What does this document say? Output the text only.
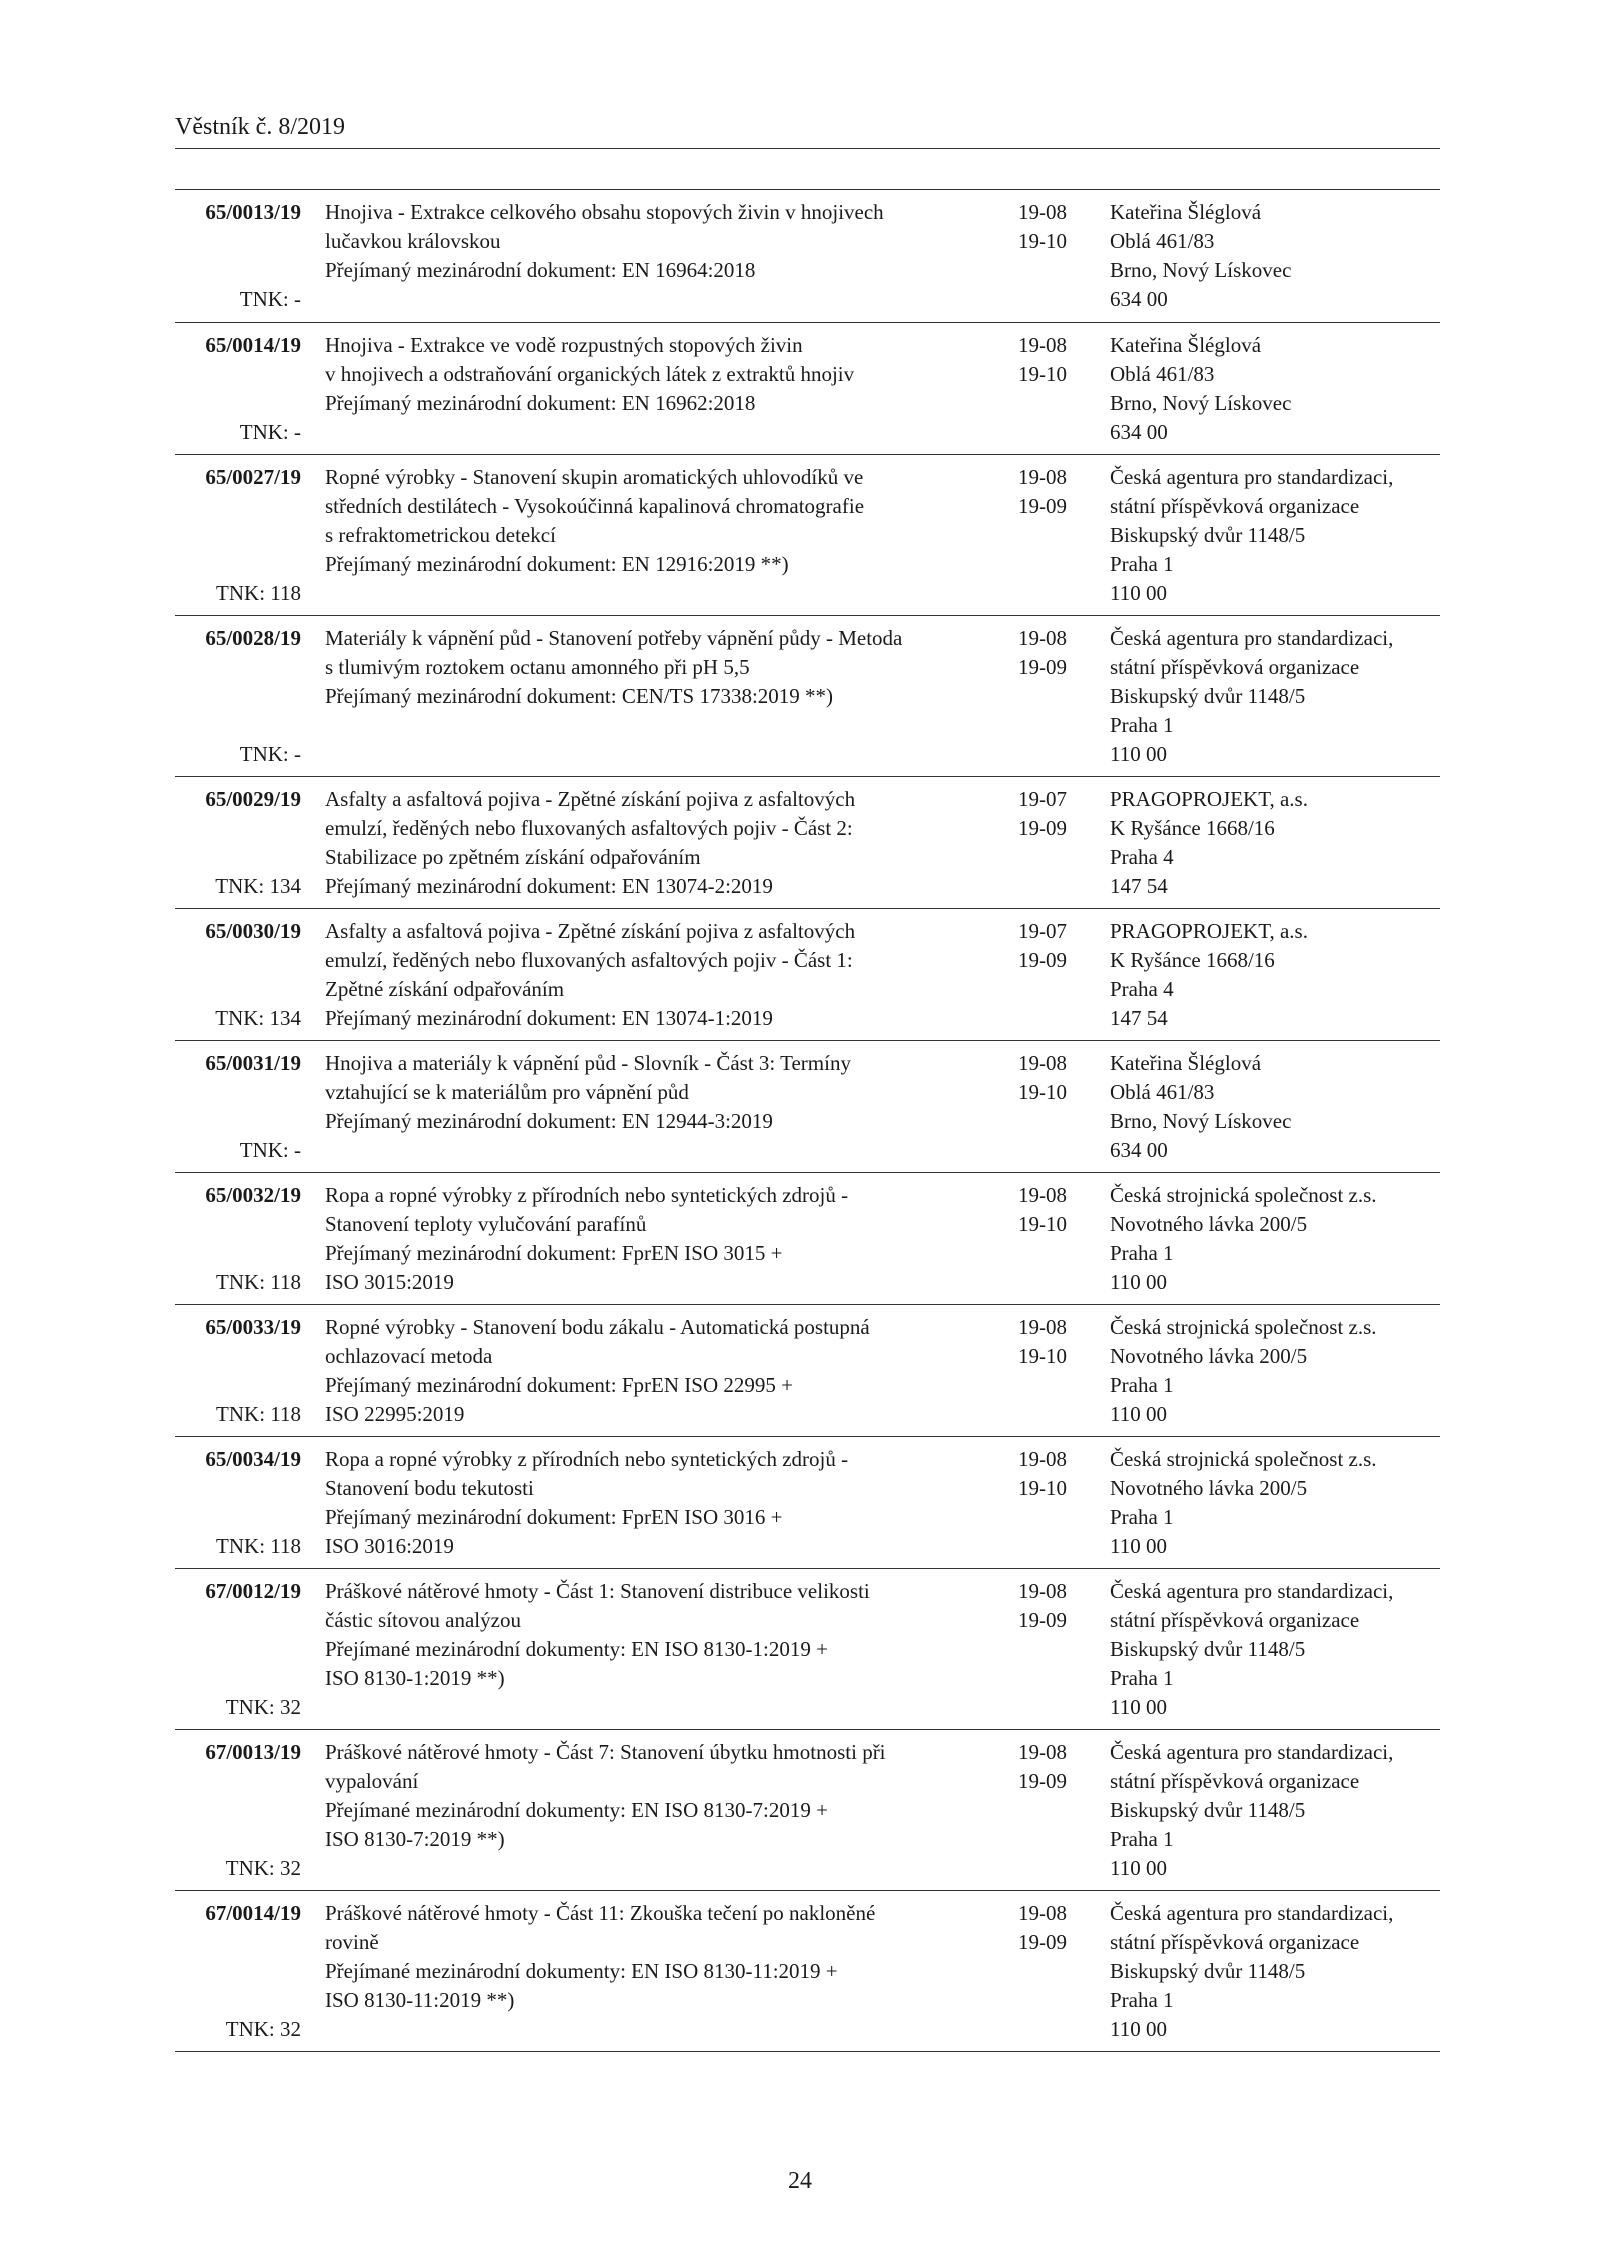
Věstník č. 8/2019
65/0013/19
TNK: -
Hnojiva - Extrakce celkového obsahu stopových živin v hnojivech
lučavkou královskou
Přejímaný mezinárodní dokument: EN 16964:2018
19-08
19-10
Kateřina Šléglová
Oblá 461/83
Brno, Nový Lískovec
634 00
65/0014/19
TNK: -
Hnojiva - Extrakce ve vodě rozpustných stopových živin
v hnojivech a odstraňování organických látek z extraktů hnojiv
Přejímaný mezinárodní dokument: EN 16962:2018
19-08
19-10
Kateřina Šléglová
Oblá 461/83
Brno, Nový Lískovec
634 00
65/0027/19
TNK: 118
Ropné výrobky - Stanovení skupin aromatických uhlovodíků ve
středních destilátech - Vysokoúčinná kapalinová chromatografie
s refraktometrickou detekcí
Přejímaný mezinárodní dokument: EN 12916:2019 **)
19-08
19-09
Česká agentura pro standardizaci,
státní příspěvková organizace
Biskupský dvůr 1148/5
Praha 1
110 00
65/0028/19
TNK: -
Materiály k vápnění půd - Stanovení potřeby vápnění půdy - Metoda
s tlumivým roztokem octanu amonného při pH 5,5
Přejímaný mezinárodní dokument: CEN/TS 17338:2019 **)
19-08
19-09
Česká agentura pro standardizaci,
státní příspěvková organizace
Biskupský dvůr 1148/5
Praha 1
110 00
65/0029/19
TNK: 134
Asfalty a asfaltová pojiva - Zpětné získání pojiva z asfaltových
emulzí, ředěných nebo fluxovaných asfaltových pojiv - Část 2:
Stabilizace po zpětném získání odpařováním
Přejímaný mezinárodní dokument: EN 13074-2:2019
19-07
19-09
PRAGOPROJEKT, a.s.
K Ryšánce 1668/16
Praha 4
147 54
65/0030/19
TNK: 134
Asfalty a asfaltová pojiva - Zpětné získání pojiva z asfaltových
emulzí, ředěných nebo fluxovaných asfaltových pojiv - Část 1:
Zpětné získání odpařováním
Přejímaný mezinárodní dokument: EN 13074-1:2019
19-07
19-09
PRAGOPROJEKT, a.s.
K Ryšánce 1668/16
Praha 4
147 54
65/0031/19
TNK: -
Hnojiva a materiály k vápnění půd - Slovník - Část 3: Termíny
vztahující se k materiálům pro vápnění půd
Přejímaný mezinárodní dokument: EN 12944-3:2019
19-08
19-10
Kateřina Šléglová
Oblá 461/83
Brno, Nový Lískovec
634 00
65/0032/19
TNK: 118
Ropa a ropné výrobky z přírodních nebo syntetických zdrojů -
Stanovení teploty vylučování parafínů
Přejímaný mezinárodní dokument: FprEN ISO 3015 +
ISO 3015:2019
19-08
19-10
Česká strojnická společnost z.s.
Novotného lávka 200/5
Praha 1
110 00
65/0033/19
TNK: 118
Ropné výrobky - Stanovení bodu zákalu - Automatická postupná
ochlazovací metoda
Přejímaný mezinárodní dokument: FprEN ISO 22995 +
ISO 22995:2019
19-08
19-10
Česká strojnická společnost z.s.
Novotného lávka 200/5
Praha 1
110 00
65/0034/19
TNK: 118
Ropa a ropné výrobky z přírodních nebo syntetických zdrojů -
Stanovení bodu tekutosti
Přejímaný mezinárodní dokument: FprEN ISO 3016 +
ISO 3016:2019
19-08
19-10
Česká strojnická společnost z.s.
Novotného lávka 200/5
Praha 1
110 00
67/0012/19
TNK: 32
Práškové nátěrové hmoty - Část 1: Stanovení distribuce velikosti
částic sítovou analýzou
Přejímané mezinárodní dokumenty: EN ISO 8130-1:2019 +
ISO 8130-1:2019 **)
19-08
19-09
Česká agentura pro standardizaci,
státní příspěvková organizace
Biskupský dvůr 1148/5
Praha 1
110 00
67/0013/19
TNK: 32
Práškové nátěrové hmoty - Část 7: Stanovení úbytku hmotnosti při
vypalování
Přejímané mezinárodní dokumenty: EN ISO 8130-7:2019 +
ISO 8130-7:2019 **)
19-08
19-09
Česká agentura pro standardizaci,
státní příspěvková organizace
Biskupský dvůr 1148/5
Praha 1
110 00
67/0014/19
TNK: 32
Práškové nátěrové hmoty - Část 11: Zkouška tečení po nakloněné
rovině
Přejímané mezinárodní dokumenty: EN ISO 8130-11:2019 +
ISO 8130-11:2019 **)
19-08
19-09
Česká agentura pro standardizaci,
státní příspěvková organizace
Biskupský dvůr 1148/5
Praha 1
110 00
24
